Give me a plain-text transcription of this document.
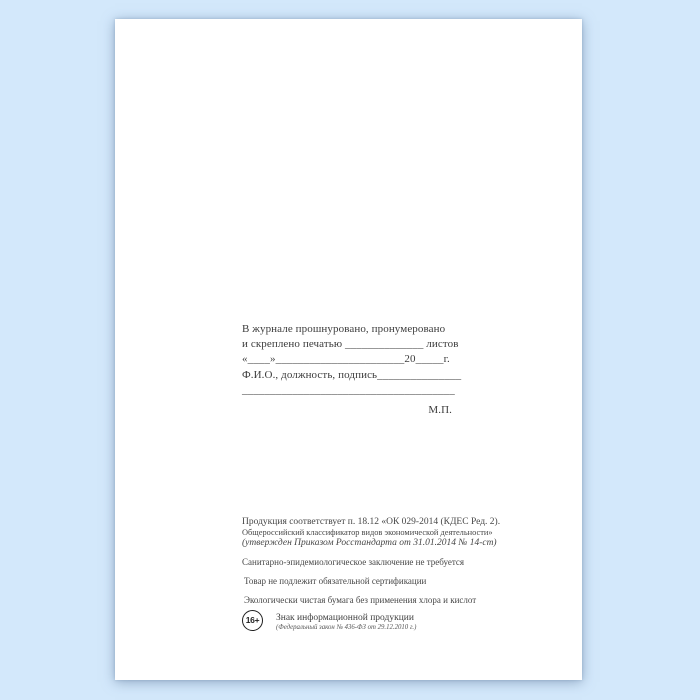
В журнале прошнуровано, пронумеровано
и скреплено печатью ______________ листов
«____»_______________________20_____г.
Ф.И.О., должность, подпись_______________
______________________________________
М.П.
Продукция соответствует п. 18.12 «ОК 029-2014 (КДЕС Ред. 2).
Общероссийский классификатор видов экономической деятельности»
(утвержден Приказом Росстандарта от 31.01.2014 № 14-ст)
Санитарно-эпидемиологическое заключение не требуется
Товар не подлежит обязательной сертификации
Экологически чистая бумага без применения хлора и кислот
16+	Знак информационной продукции
(Федеральный закон № 436-ФЗ от 29.12.2010 г.)
